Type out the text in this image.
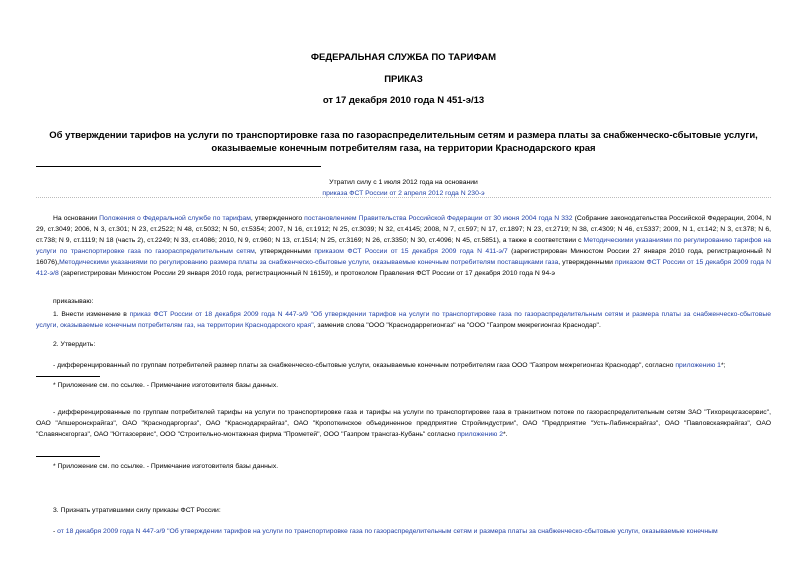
ФЕДЕРАЛЬНАЯ СЛУЖБА ПО ТАРИФАМ
ПРИКАЗ
от 17 декабря 2010 года N 451-э/13
Об утверждении тарифов на услуги по транспортировке газа по газораспределительным сетям и размера платы за снабженческо-сбытовые услуги, оказываемые конечным потребителям газа, на территории Краснодарского края
Утратил силу с 1 июля 2012 года на основании
приказа ФСТ России от 2 апреля 2012 года N 230-э
На основании Положения о Федеральной службе по тарифам, утвержденного постановлением Правительства Российской Федерации от 30 июня 2004 года N 332 (Собрание законодательства Российской Федерации, 2004, N 29, ст.3049; 2006, N 3, ст.301; N 23, ст.2522; N 48, ст.5032; N 50, ст.5354; 2007, N 16, ст.1912; N 25, ст.3039; N 32, ст.4145; 2008, N 7, ст.597; N 17, ст.1897; N 23, ст.2719; N 38, ст.4309; N 46, ст.5337; 2009, N 1, ст.142; N 3, ст.378; N 6, ст.738; N 9, ст.1119; N 18 (часть 2), ст.2249; N 33, ст.4086; 2010, N 9, ст.960; N 13, ст.1514; N 25, ст.3169; N 26, ст.3350; N 30, ст.4096; N 45, ст.5851), а также в соответствии с Методическими указаниями по регулированию тарифов на услуги по транспортировке газа по газораспределительным сетям, утвержденными приказом ФСТ России от 15 декабря 2009 года N 411-э/7 (зарегистрирован Минюстом России 27 января 2010 года, регистрационный N 16076),Методическими указаниями по регулированию размера платы за снабженческо-сбытовые услуги, оказываемые конечным потребителям поставщиками газа, утвержденными приказом ФСТ России от 15 декабря 2009 года N 412-э/8 (зарегистрирован Минюстом России 29 января 2010 года, регистрационный N 16159), и протоколом Правления ФСТ России от 17 декабря 2010 года N 94-э
приказываю:
1. Внести изменение в приказ ФСТ России от 18 декабря 2009 года N 447-э/9 "Об утверждении тарифов на услуги по транспортировке газа по газораспределительным сетям и размера платы за снабженческо-сбытовые услуги, оказываемые конечным потребителям газ, на территории Краснодарского края", заменив слова "ООО "Краснодаррегионгаз" на "ООО "Газпром межрегионгаз Краснодар".
2. Утвердить:
- дифференцированный по группам потребителей размер платы за снабженческо-сбытовые услуги, оказываемые конечным потребителям газа ООО "Газпром межрегионгаз Краснодар", согласно приложению 1*;
* Приложение см. по ссылке. - Примечание изготовителя базы данных.
- дифференцированные по группам потребителей тарифы на услуги по транспортировке газа и тарифы на услуги по транспортировке газа в транзитном потоке по газораспределительным сетям ЗАО "Тихорецкгазсервис", ОАО "Апшеронскрайгаз", ОАО "Краснодаргоргаз", ОАО "Краснодаркрайгаз", ОАО "Кропоткинское объединенное предприятие Стройиндустрии", ОАО "Предприятие "Усть-Лабинскрайгаз", ОАО "Павловскаякрайгаз", ОАО "Славянскгоргаз", ОАО "Югтазсервис", ООО "Строительно-монтажная фирма "Прометей", ООО "Газпром трансгаз-Кубань" согласно приложению 2*.
* Приложение см. по ссылке. - Примечание изготовителя базы данных.
3. Признать утратившими силу приказы ФСТ России:
- от 18 декабря 2009 года N 447-э/9 "Об утверждении тарифов на услуги по транспортировке газа по газораспределительным сетям и размера платы за снабженческо-сбытовые услуги, оказываемые конечным
